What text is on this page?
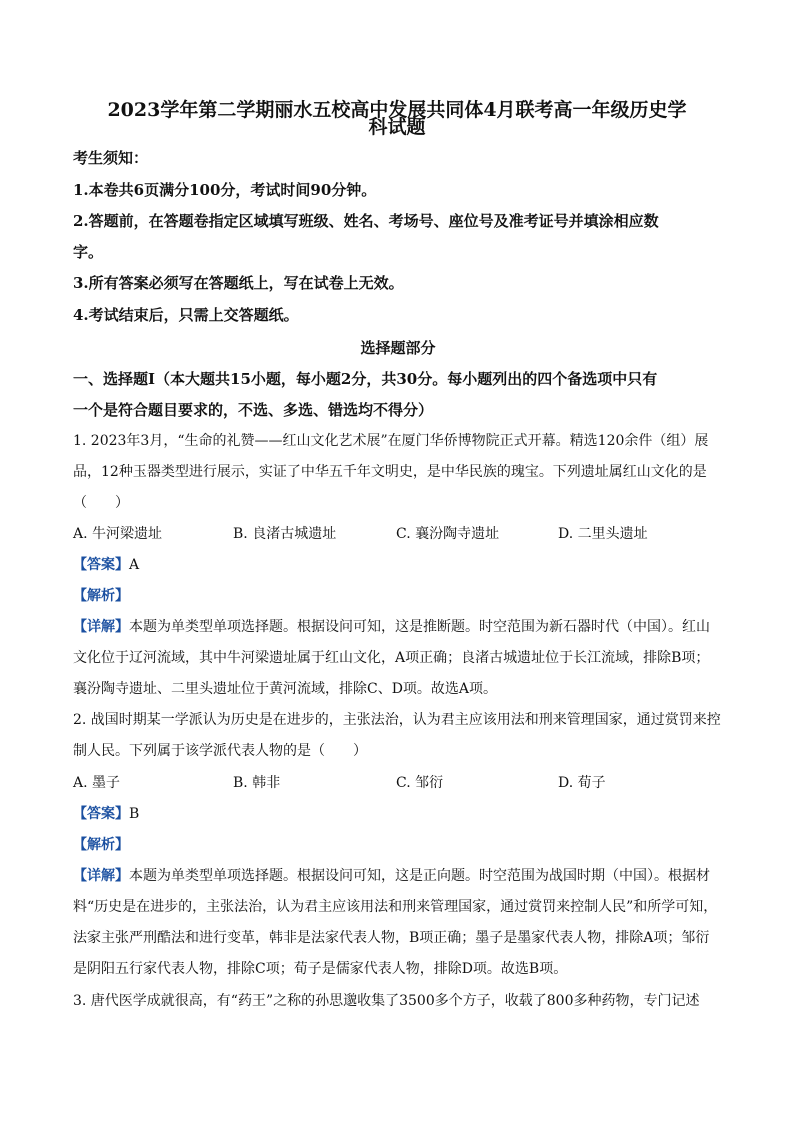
2023学年第二学期丽水五校高中发展共同体4月联考高一年级历史学
科试题
考生须知：
1.本卷共6页满分100分，考试时间90分钟。
2.答题前，在答题卷指定区域填写班级、姓名、考场号、座位号及准考证号并填涂相应数
字。
3.所有答案必须写在答题纸上，写在试卷上无效。
4.考试结束后，只需上交答题纸。
选择题部分
一、选择题Ⅰ（本大题共15小题，每小题2分，共30分。每小题列出的四个备选项中只有
一个是符合题目要求的，不选、多选、错选均不得分）
1. 2023年3月，“生命的礼赞——红山文化艺术展”在厦门华侨博物院正式开幕。精选120余件（组）展
品，12种玉器类型进行展示，实证了中华五千年文明史，是中华民族的瑰宝。下列遗址属红山文化的是
（　　）
A. 牛河梁遗址	B. 良渚古城遗址	C. 襄汾陶寺遗址	D. 二里头遗址
【答案】A
【解析】
【详解】本题为单类型单项选择题。根据设问可知，这是推断题。时空范围为新石器时代（中国）。红山
文化位于辽河流域，其中牛河梁遗址属于红山文化，A项正确；良渚古城遗址位于长江流域，排除B项；
襄汾陶寺遗址、二里头遗址位于黄河流域，排除C、D项。故选A项。
2. 战国时期某一学派认为历史是在进步的，主张法治，认为君主应该用法和刑来管理国家，通过赏罚来控
制人民。下列属于该学派代表人物的是（　　）
A. 墨子	B. 韩非	C. 邹衍	D. 荀子
【答案】B
【解析】
【详解】本题为单类型单项选择题。根据设问可知，这是正向题。时空范围为战国时期（中国）。根据材
料“历史是在进步的，主张法治，认为君主应该用法和刑来管理国家，通过赏罚来控制人民”和所学可知，
法家主张严刑酷法和进行变革，韩非是法家代表人物，B项正确；墨子是墨家代表人物，排除A项；邹衍
是阴阳五行家代表人物，排除C项；荀子是儒家代表人物，排除D项。故选B项。
3. 唐代医学成就很高，有“药王”之称的孙思邈收集了3500多个方子，收载了800多种药物，专门记述
